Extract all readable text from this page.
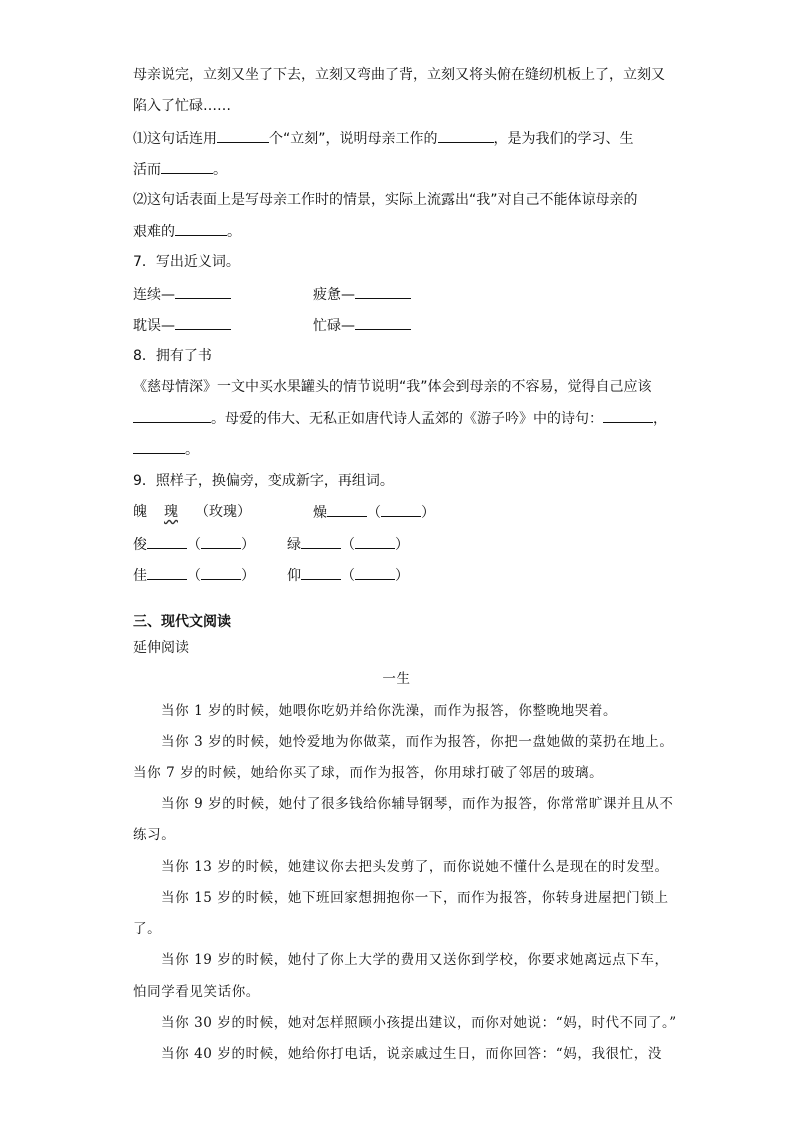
母亲说完，立刻又坐了下去，立刻又弯曲了背，立刻又将头俯在缝纫机板上了，立刻又

陷入了忙碌……

⑴这句话连用	个“立刻”，说明母亲工作的	，是为我们的学习、生

活而	。

⑵这句话表面上是写母亲工作时的情景，实际上流露出“我”对自己不能体谅母亲的

艰难的	。

7．写出近义词。

连续—	疲惫—

耽误—	忙碌—

8．拥有了书

《慈母情深》一文中买水果罐头的情节说明“我”体会到母亲的不容易，觉得自己应该

。母爱的伟大、无私正如唐代诗人孟郊的《游子吟》中的诗句：	，

。

9．照样子，换偏旁，变成新字，再组词。

魄 瑰 （玫瑰）	燥	（	）

俊	（	） 绿	（	）

佳	（	） 仰	（	）

三、现代文阅读

延伸阅读

一生

当你 1 岁的时候，她喂你吃奶并给你洗澡，而作为报答，你整晚地哭着。

当你 3 岁的时候，她怜爱地为你做菜，而作为报答，你把一盘她做的菜扔在地上。

当你 7 岁的时候，她给你买了球，而作为报答，你用球打破了邻居的玻璃。

当你 9 岁的时候，她付了很多钱给你辅导钢琴，而作为报答，你常常旷课并且从不

练习。

当你 13 岁的时候，她建议你去把头发剪了，而你说她不懂什么是现在的时发型。

当你 15 岁的时候，她下班回家想拥抱你一下，而作为报答，你转身进屋把门锁上

了。

当你 19 岁的时候，她付了你上大学的费用又送你到学校，你要求她离远点下车，

怕同学看见笑话你。

当你 30 岁的时候，她对怎样照顾小孩提出建议，而你对她说：“妈，时代不同了。”

当你 40 岁的时候，她给你打电话，说亲戚过生日，而你回答：“妈，我很忙，没
